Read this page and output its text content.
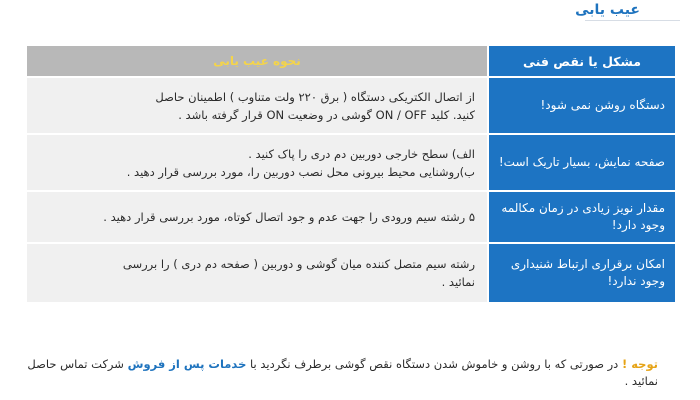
عیب یابی
مشکل یا نقص فنی	نحوه عیب یابی
دستگاه روشن نمی شود!	از اتصال الکتریکی دستگاه ( برق ۲۲۰ ولت متناوب ) اطمینان حاصل
کنید. کلید ON / OFF گوشی در وضعیت ON قرار گرفته باشد .

صفحه نمایش، بسیار تاریک است!	الف) سطح خارجی دوربین دم دری را پاک کنید .
ب)روشنایی محیط بیرونی محل نصب دوربین را، مورد بررسی قرار دهید .

مقدار نویز زیادی در زمان مکالمه وجود دارد!	۵ رشته سیم ورودی را جهت عدم و جود اتصال کوتاه، مورد بررسی قرار دهید .

امکان برقراری ارتباط شنیداری وجود ندارد!	رشته سیم متصل کننده میان گوشی و دوربین ( صفحه دم دری ) را بررسی
نمائید .
توجه ! در صورتی که با روشن و خاموش شدن دستگاه نقص گوشی برطرف نگردید با خدمات پس از فروش شرکت تماس حاصل نمائید .
